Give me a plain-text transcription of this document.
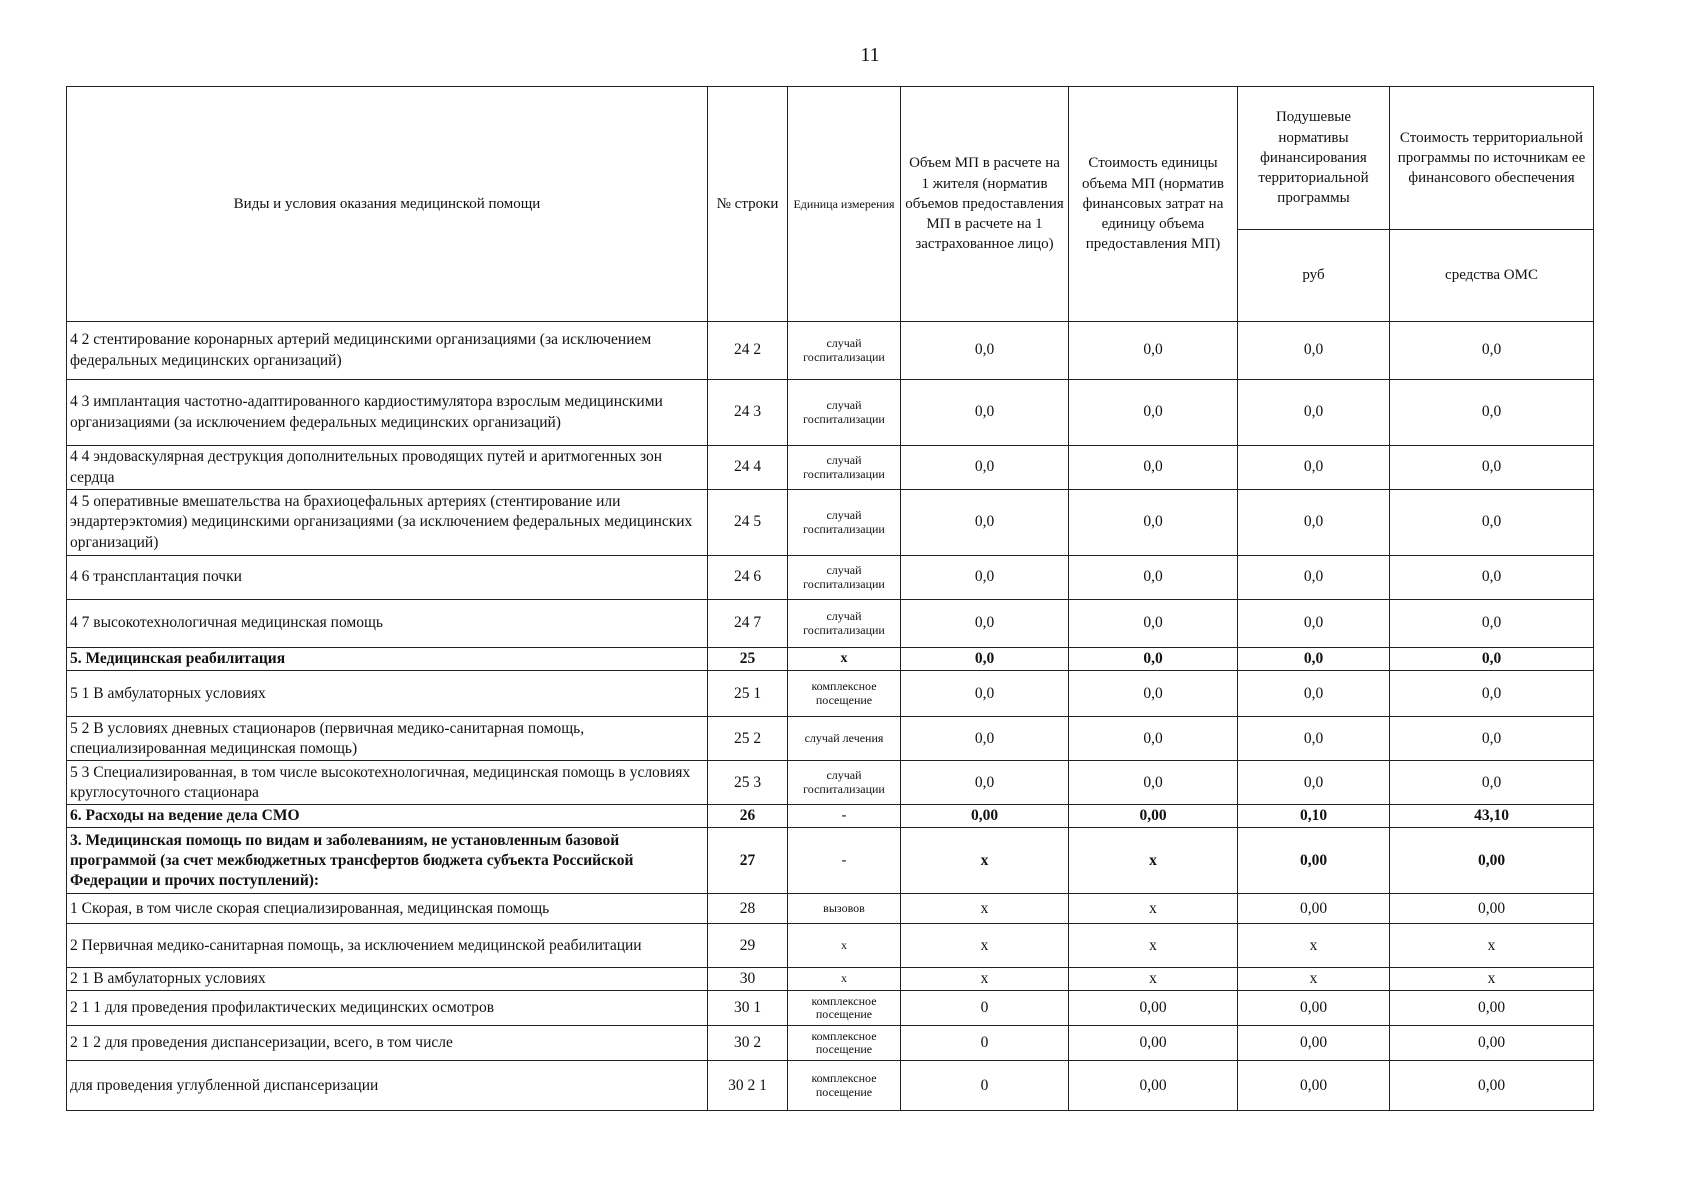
11
Виды и условия оказания медицинской помощи	№ строки	Единица измерения	Объем МП в расчете на 1 жителя (норматив объемов предоставления МП в расчете на 1 застрахованное лицо)	Стоимость единицы объема МП (норматив финансовых затрат на единицу объема предоставления МП)	Подушевые нормативы финансирования территориальной программы	Стоимость территориальной программы по источникам ее финансового обеспечения
					руб	средства ОМС
4 2 стентирование коронарных артерий медицинскими организациями (за исключением федеральных медицинских организаций)	24 2	случай госпитализации	0,0	0,0	0,0	0,0
4 3 имплантация частотно-адаптированного кардиостимулятора взрослым медицинскими организациями (за исключением федеральных медицинских организаций)	24 3	случай госпитализации	0,0	0,0	0,0	0,0
4 4 эндоваскулярная деструкция дополнительных проводящих путей и аритмогенных зон сердца	24 4	случай госпитализации	0,0	0,0	0,0	0,0
4 5 оперативные вмешательства на брахиоцефальных артериях (стентирование или эндартерэктомия) медицинскими организациями (за исключением федеральных медицинских организаций)	24 5	случай госпитализации	0,0	0,0	0,0	0,0
4 6 трансплантация почки	24 6	случай госпитализации	0,0	0,0	0,0	0,0
4 7 высокотехнологичная медицинская помощь	24 7	случай госпитализации	0,0	0,0	0,0	0,0
5. Медицинская реабилитация	25	х	0,0	0,0	0,0	0,0
5 1 В амбулаторных условиях	25 1	комплексное посещение	0,0	0,0	0,0	0,0
5 2 В условиях дневных стационаров (первичная медико-санитарная помощь, специализированная медицинская помощь)	25 2	случай лечения	0,0	0,0	0,0	0,0
5 3 Специализированная, в том числе высокотехнологичная, медицинская помощь в условиях круглосуточного стационара	25 3	случай госпитализации	0,0	0,0	0,0	0,0
6. Расходы на ведение дела СМО	26	-	0,00	0,00	0,10	43,10
3. Медицинская помощь по видам и заболеваниям, не установленным базовой программой (за счет межбюджетных трансфертов бюджета субъекта Российской Федерации и прочих поступлений):	27	-	х	х	0,00	0,00
1 Скорая, в том числе скорая специализированная, медицинская помощь	28	вызовов	х	х	0,00	0,00
2 Первичная медико-санитарная помощь, за исключением медицинской реабилитации	29	х	х	х	х	х
2 1 В амбулаторных условиях	30	х	х	х	х	х
2 1 1 для проведения профилактических медицинских осмотров	30 1	комплексное посещение	0	0,00	0,00	0,00
2 1 2 для проведения диспансеризации, всего, в том числе	30 2	комплексное посещение	0	0,00	0,00	0,00
для проведения углубленной диспансеризации	30 2 1	комплексное посещение	0	0,00	0,00	0,00
